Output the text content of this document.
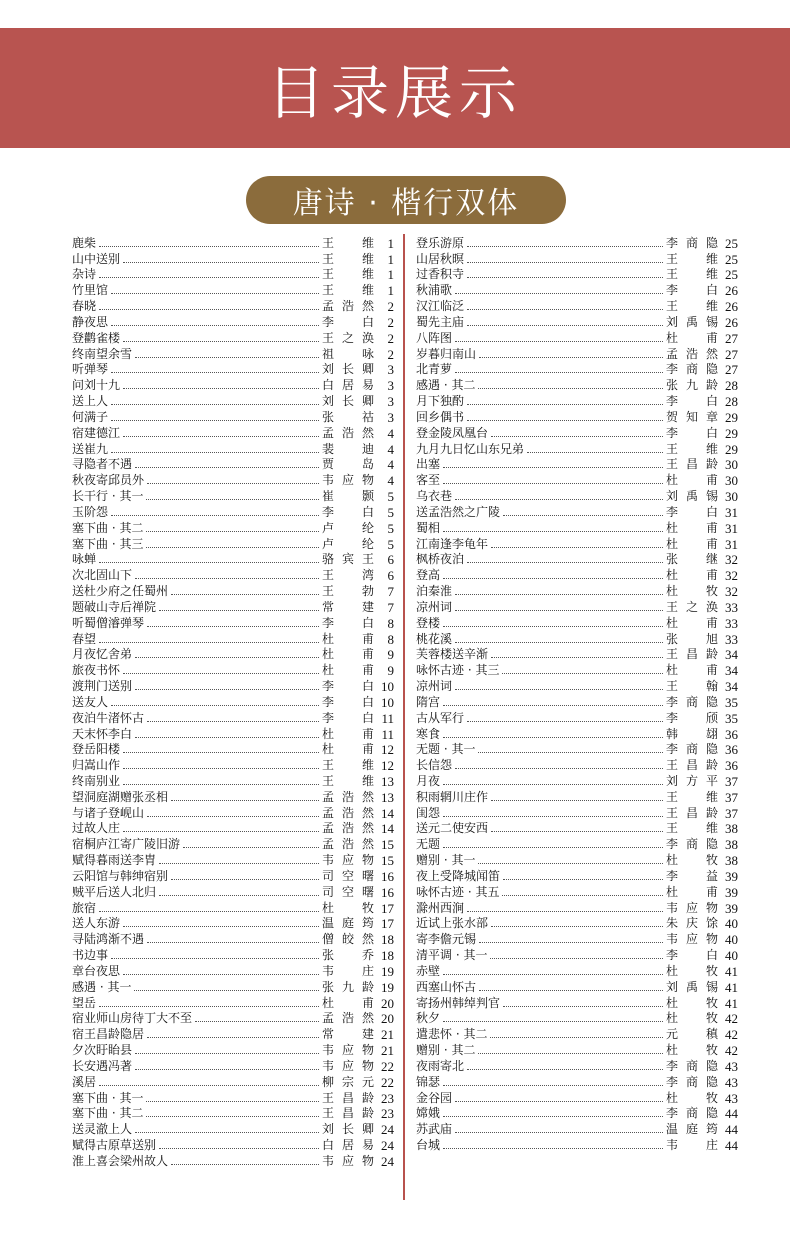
目录展示
唐诗 · 楷行双体
鹿柴	王　维	1
山中送别	王　维	1
杂诗	王　维	1
竹里馆	王　维	1
春晓	孟浩然	2
静夜思	李　白	2
登鹳雀楼	王之涣	2
终南望余雪	祖　咏	2
听弹琴	刘长卿	3
问刘十九	白居易	3
送上人	刘长卿	3
何满子	张　祜	3
宿建德江	孟浩然	4
送崔九	裴　迪	4
寻隐者不遇	贾　岛	4
秋夜寄邱员外	韦应物	4
长干行 · 其一	崔　颢	5
玉阶怨	李　白	5
塞下曲 · 其二	卢　纶	5
塞下曲 · 其三	卢　纶	5
咏蝉	骆宾王	6
次北固山下	王　湾	6
送杜少府之任蜀州	王　勃	7
题破山寺后禅院	常　建	7
听蜀僧濬弹琴	李　白	8
春望	杜　甫	8
月夜忆舍弟	杜　甫	9
旅夜书怀	杜　甫	9
渡荆门送别	李　白 10
送友人	李　白 10
夜泊牛渚怀古	李　白 11
天末怀李白	杜　甫 11
登岳阳楼	杜　甫 12
归嵩山作	王　维 12
终南别业	王　维 13
望洞庭湖赠张丞相	孟浩然 13
与诸子登岘山	孟浩然 14
过故人庄	孟浩然 14
宿桐庐江寄广陵旧游	孟浩然 15
赋得暮雨送李胄	韦应物 15
云阳馆与韩绅宿别	司空曙 16
贼平后送人北归	司空曙 16
旅宿	杜　牧 17
送人东游	温庭筠 17
寻陆鸿渐不遇	僧皎然 18
书边事	张　乔 18
章台夜思	韦　庄 19
感遇 · 其一	张九龄 19
望岳	杜　甫 20
宿业师山房待丁大不至	孟浩然 20
宿王昌龄隐居	常　建 21
夕次盱眙县	韦应物 21
长安遇冯著	韦应物 22
溪居	柳宗元 22
塞下曲 · 其一	王昌龄 23
塞下曲 · 其二	王昌龄 23
送灵澈上人	刘长卿 24
赋得古原草送别	白居易 24
淮上喜会梁州故人	韦应物 24
登乐游原	李商隐 25
山居秋暝	王　维 25
过香积寺	王　维 25
秋浦歌	李　白 26
汉江临泛	王　维 26
蜀先主庙	刘禹锡 26
八阵图	杜　甫 27
岁暮归南山	孟浩然 27
北青萝	李商隐 27
感遇 · 其二	张九龄 28
月下独酌	李　白 28
回乡偶书	贺知章 29
登金陵凤凰台	李　白 29
九月九日忆山东兄弟	王　维 29
出塞	王昌龄 30
客至	杜　甫 30
乌衣巷	刘禹锡 30
送孟浩然之广陵	李　白 31
蜀相	杜　甫 31
江南逢李龟年	杜　甫 31
枫桥夜泊	张　继 32
登高	杜　甫 32
泊秦淮	杜　牧 32
凉州词	王之涣 33
登楼	杜　甫 33
桃花溪	张　旭 33
芙蓉楼送辛渐	王昌龄 34
咏怀古迹 · 其三	杜　甫 34
凉州词	王　翰 34
隋宫	李商隐 35
古从军行	李　颀 35
寒食	韩　翃 36
无题 · 其一	李商隐 36
长信怨	王昌龄 36
月夜	刘方平 37
积雨辋川庄作	王　维 37
闺怨	王昌龄 37
送元二使安西	王　维 38
无题	李商隐 38
赠别 · 其一	杜　牧 38
夜上受降城闻笛	李　益 39
咏怀古迹 · 其五	杜　甫 39
滁州西涧	韦应物 39
近试上张水部	朱庆馀 40
寄李儋元锡	韦应物 40
清平调 · 其一	李　白 40
赤壁	杜　牧 41
西塞山怀古	刘禹锡 41
寄扬州韩绰判官	杜　牧 41
秋夕	杜　牧 42
遣悲怀 · 其二	元　稹 42
赠别 · 其二	杜　牧 42
夜雨寄北	李商隐 43
锦瑟	李商隐 43
金谷园	杜　牧 43
嫦娥	李商隐 44
苏武庙	温庭筠 44
台城	韦　庄 44
